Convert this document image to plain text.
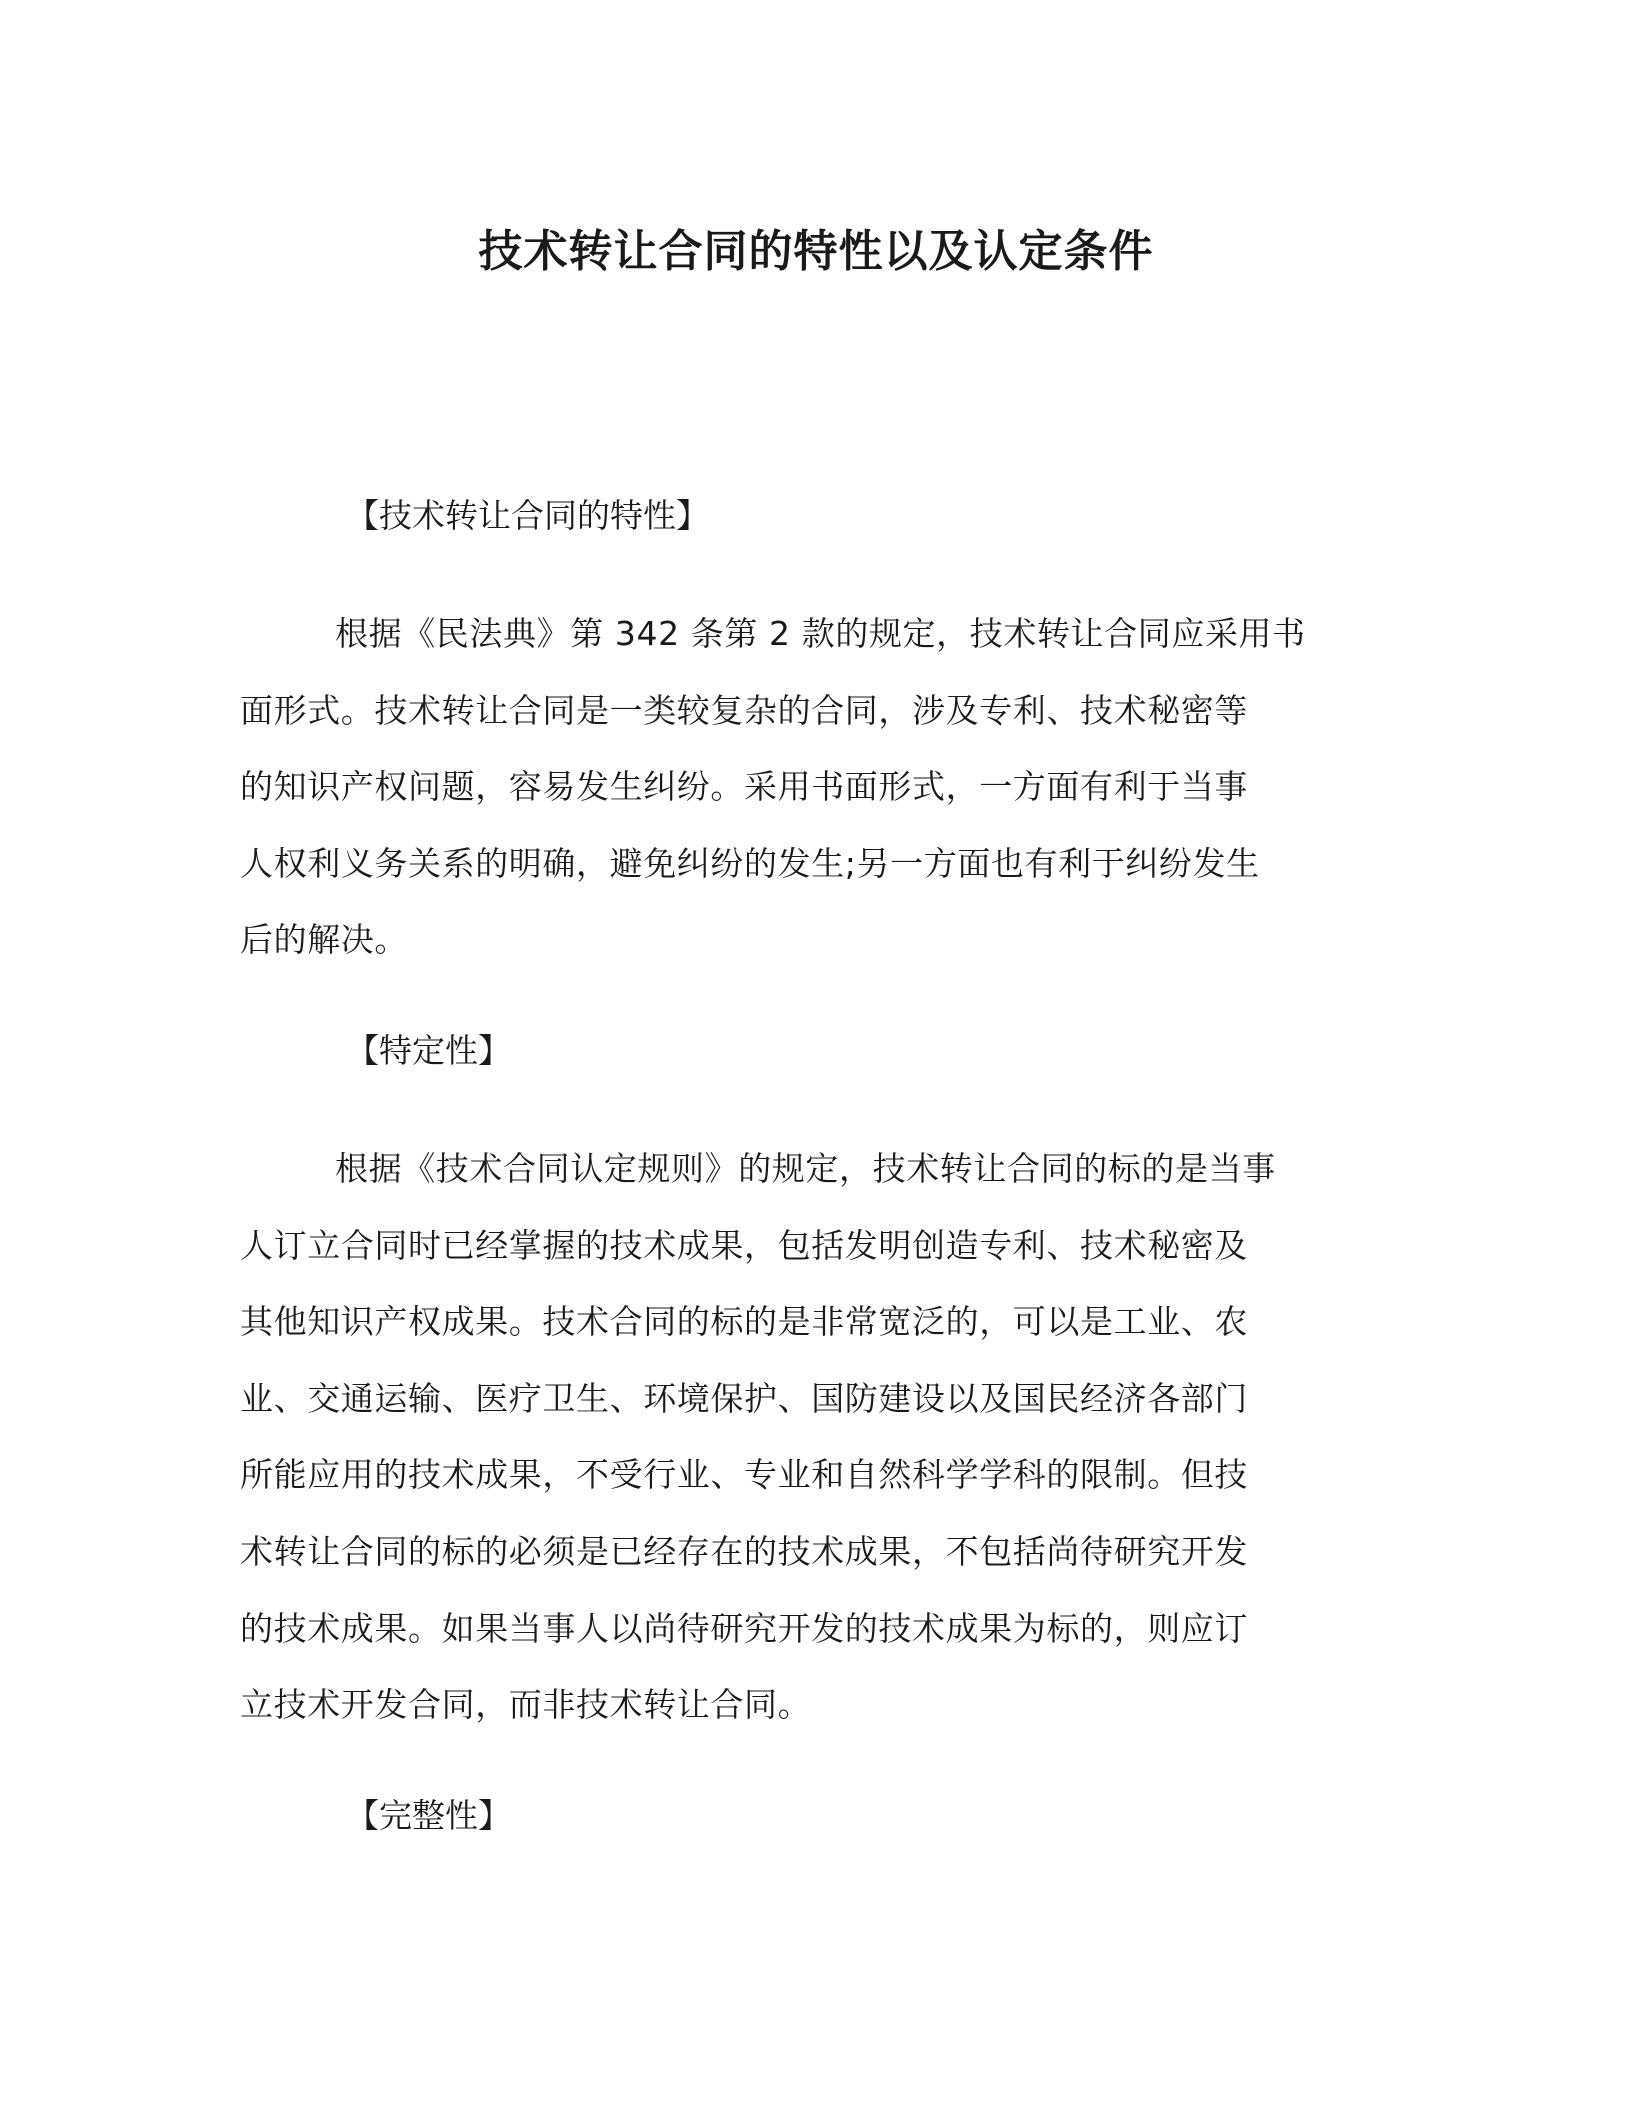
技术转让合同的特性以及认定条件
【技术转让合同的特性】
根据《民法典》第 342 条第 2 款的规定，技术转让合同应采用书
面形式。技术转让合同是一类较复杂的合同，涉及专利、技术秘密等
的知识产权问题，容易发生纠纷。采用书面形式，一方面有利于当事
人权利义务关系的明确，避免纠纷的发生;另一方面也有利于纠纷发生
后的解决。
【特定性】
根据《技术合同认定规则》的规定，技术转让合同的标的是当事
人订立合同时已经掌握的技术成果，包括发明创造专利、技术秘密及
其他知识产权成果。技术合同的标的是非常宽泛的，可以是工业、农
业、交通运输、医疗卫生、环境保护、国防建设以及国民经济各部门
所能应用的技术成果，不受行业、专业和自然科学学科的限制。但技
术转让合同的标的必须是已经存在的技术成果，不包括尚待研究开发
的技术成果。如果当事人以尚待研究开发的技术成果为标的，则应订
立技术开发合同，而非技术转让合同。
【完整性】
